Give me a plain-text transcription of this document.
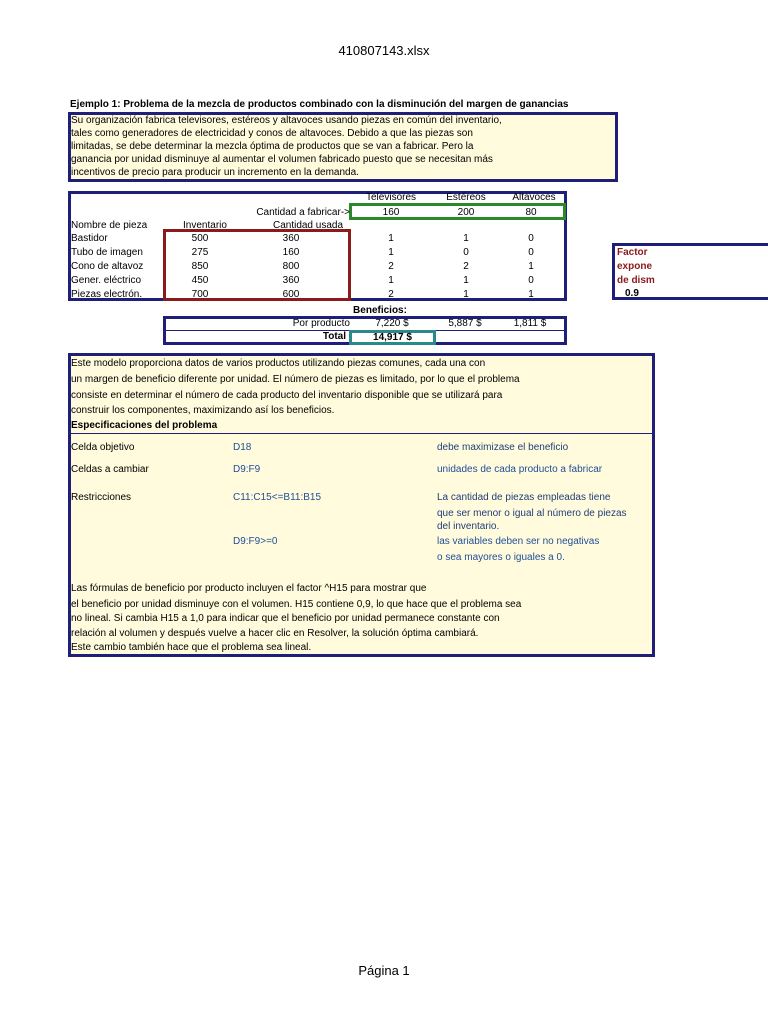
410807143.xlsx
Página 1
Ejemplo 1: Problema de la mezcla de productos combinado con la disminución del margen de ganancias
Su organización fabrica televisores, estéreos y altavoces usando piezas en común del inventario,
tales como generadores de electricidad y conos de altavoces. Debido a que las piezas son
limitadas, se debe determinar la mezcla óptima de productos que se van a fabricar. Pero la
ganancia por unidad disminuye al aumentar el volumen fabricado puesto que se necesitan más
incentivos de precio para producir un incremento en la demanda.
Televisores	Estéreos	Altavoces
Cantidad a fabricar->	160	200	80
Nombre de pieza	Inventario	Cantidad usada
Bastidor	500	360	1	1	0
Tubo de imagen	275	160	1	0	0
Cono de altavoz	850	800	2	2	1
Gener. eléctrico	450	360	1	1	0
Piezas electrón.	700	600	2	1	1
Factor
expone
de dism
0.9
Beneficios:
Por producto	7,220 $	5,887 $	1,811 $
Total	14,917 $
Este modelo proporciona datos de varios productos utilizando piezas comunes, cada una con
un margen de beneficio diferente por unidad. El número de piezas es limitado, por lo que el problema
consiste en determinar el número de cada producto del inventario disponible que se utilizará para
construir los componentes, maximizando así los beneficios.
Especificaciones del problema
Celda objetivo	D18	debe maximizase el beneficio
Celdas a cambiar	D9:F9	unidades de cada producto a fabricar
Restricciones	C11:C15<=B11:B15	La cantidad de piezas empleadas tiene
que ser menor o igual al número de piezas
del inventario.
D9:F9>=0	las variables deben ser no negativas
o sea mayores o iguales a 0.
Las fórmulas de beneficio por producto incluyen el factor ^H15 para mostrar que
el beneficio por unidad disminuye con el volumen. H15 contiene 0,9, lo que hace que el problema sea
no lineal. Si cambia H15 a 1,0 para indicar que el beneficio por unidad permanece constante con
relación al volumen y después vuelve a hacer clic en Resolver, la solución óptima cambiará.
Este cambio también hace que el problema sea lineal.
